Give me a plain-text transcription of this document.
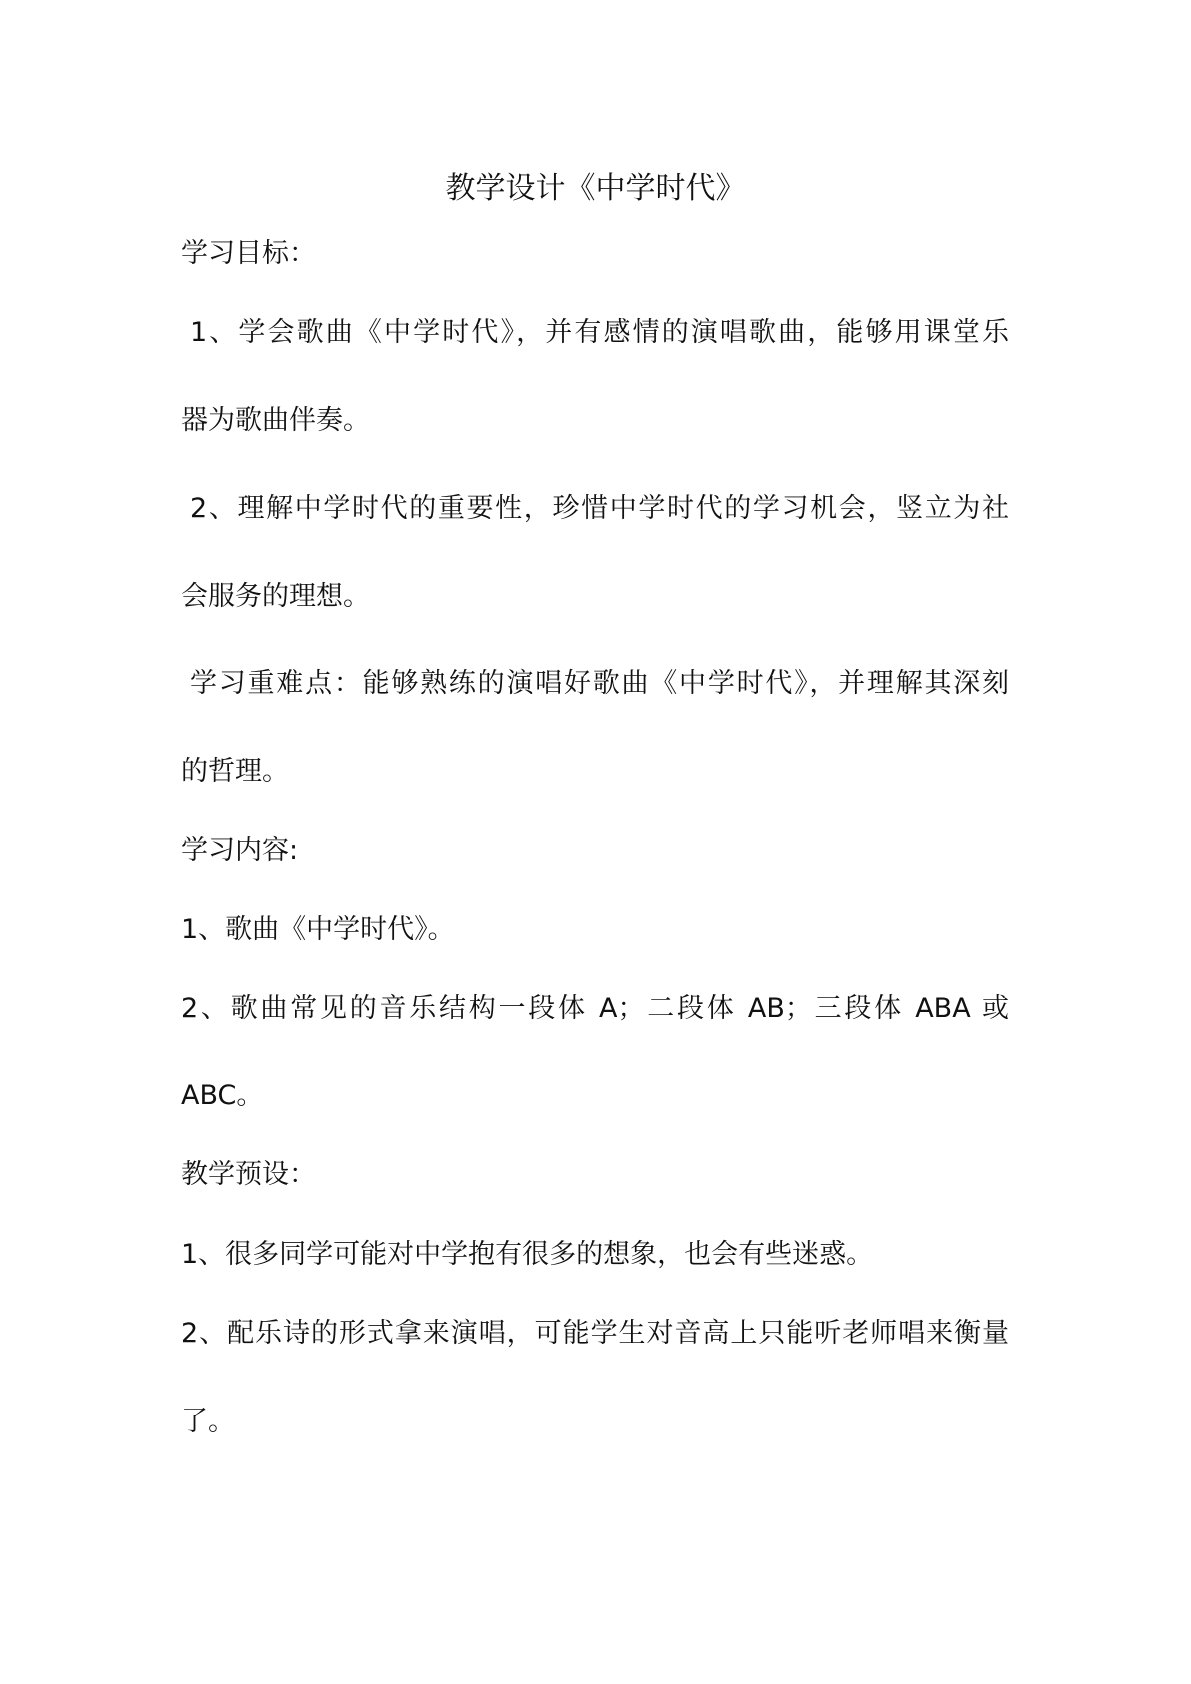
教学设计《中学时代》
学习目标：
1、学会歌曲《中学时代》，并有感情的演唱歌曲，能够用课堂乐
器为歌曲伴奏。
2、理解中学时代的重要性，珍惜中学时代的学习机会，竖立为社
会服务的理想。
学习重难点：能够熟练的演唱好歌曲《中学时代》，并理解其深刻
的哲理。
学习内容:
1、歌曲《中学时代》。
2、歌曲常见的音乐结构一段体 A；二段体 AB；三段体 ABA 或
ABC。
教学预设：
1、很多同学可能对中学抱有很多的想象，也会有些迷惑。
2、配乐诗的形式拿来演唱，可能学生对音高上只能听老师唱来衡量
了。
